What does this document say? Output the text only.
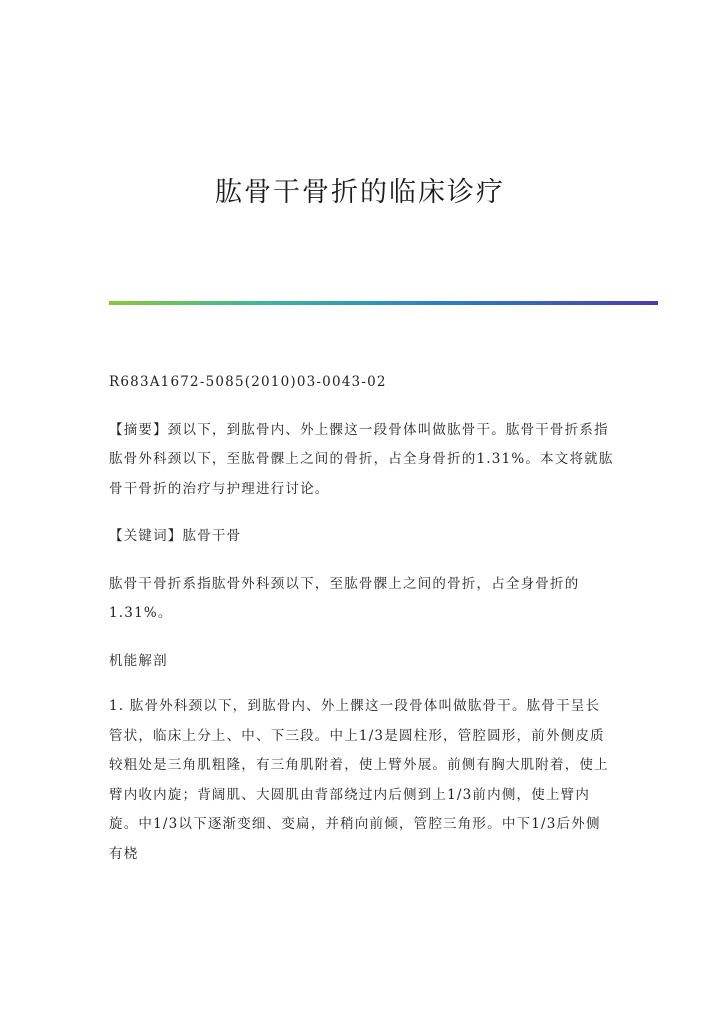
肱骨干骨折的临床诊疗

R683A1672-5085(2010)03-0043-02

【摘要】颈以下，到肱骨内、外上髁这一段骨体叫做肱骨干。肱骨干骨折系指肱骨外科颈以下，至肱骨髁上之间的骨折，占全身骨折的1.31%。本文将就肱骨干骨折的治疗与护理进行讨论。

【关键词】肱骨干骨

肱骨干骨折系指肱骨外科颈以下，至肱骨髁上之间的骨折，占全身骨折的1.31%。

机能解剖

1. 肱骨外科颈以下，到肱骨内、外上髁这一段骨体叫做肱骨干。肱骨干呈长管状，临床上分上、中、下三段。中上1/3是圆柱形，管腔圆形，前外侧皮质较粗处是三角肌粗隆，有三角肌附着，使上臂外展。前侧有胸大肌附着，使上臂内收内旋；背阔肌、大圆肌由背部绕过内后侧到上1/3前内侧，使上臂内旋。中1/3以下逐渐变细、变扁，并稍向前倾，管腔三角形。中下1/3后外侧有桡
